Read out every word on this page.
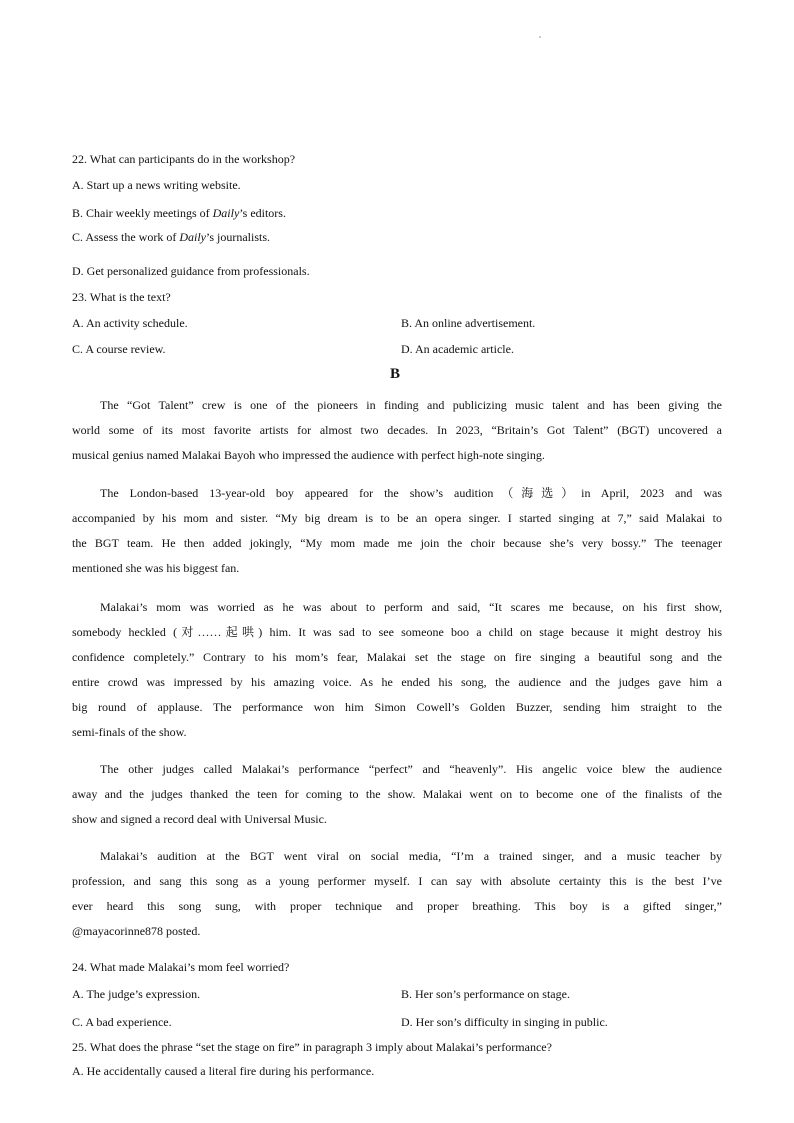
22. What can participants do in the workshop?
A. Start up a news writing website.
B. Chair weekly meetings of Daily’s editors.
C. Assess the work of Daily’s journalists.
D. Get personalized guidance from professionals.
23. What is the text?
A. An activity schedule.	B. An online advertisement.
C. A course review.	D. An academic article.
B
The “Got Talent” crew is one of the pioneers in finding and publicizing music talent and has been giving the
world some of its most favorite artists for almost two decades. In 2023, “Britain’s Got Talent” (BGT) uncovered a
musical genius named Malakai Bayoh who impressed the audience with perfect high-note singing.
The London-based 13-year-old boy appeared for the show’s audition（海选）in April, 2023 and was
accompanied by his mom and sister. “My big dream is to be an opera singer. I started singing at 7,” said Malakai to
the BGT team. He then added jokingly, “My mom made me join the choir because she’s very bossy.” The teenager
mentioned she was his biggest fan.
Malakai’s mom was worried as he was about to perform and said, “It scares me because, on his first show,
somebody heckled (对……起哄) him. It was sad to see someone boo a child on stage because it might destroy his
confidence completely.” Contrary to his mom’s fear, Malakai set the stage on fire singing a beautiful song and the
entire crowd was impressed by his amazing voice. As he ended his song, the audience and the judges gave him a
big round of applause. The performance won him Simon Cowell’s Golden Buzzer, sending him straight to the
semi-finals of the show.
The other judges called Malakai’s performance “perfect” and “heavenly”. His angelic voice blew the audience
away and the judges thanked the teen for coming to the show. Malakai went on to become one of the finalists of the
show and signed a record deal with Universal Music.
Malakai’s audition at the BGT went viral on social media, “I’m a trained singer, and a music teacher by
profession, and sang this song as a young performer myself. I can say with absolute certainty this is the best I’ve
ever heard this song sung, with proper technique and proper breathing. This boy is a gifted singer,”
@mayacorinne878 posted.
24. What made Malakai’s mom feel worried?
A. The judge’s expression.	B. Her son’s performance on stage.
C. A bad experience.	D. Her son’s difficulty in singing in public.
25. What does the phrase “set the stage on fire” in paragraph 3 imply about Malakai’s performance?
A. He accidentally caused a literal fire during his performance.
